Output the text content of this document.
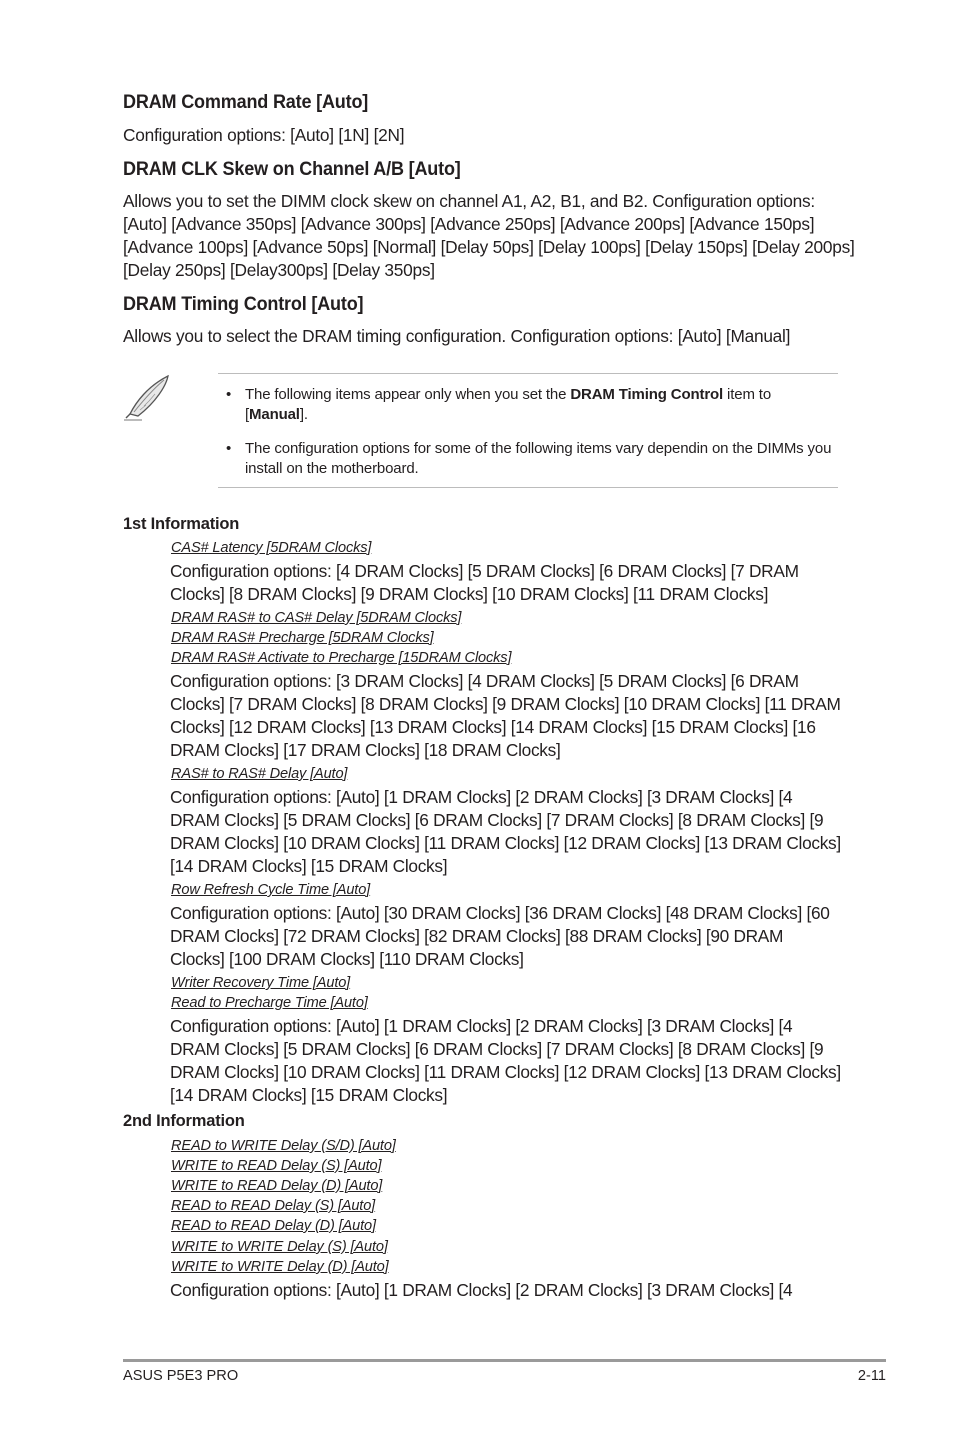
DRAM Command Rate [Auto]

Configuration options: [Auto] [1N] [2N]

DRAM CLK Skew on Channel A/B [Auto]

Allows you to set the DIMM clock skew on channel A1, A2, B1, and B2. Configuration options: [Auto] [Advance 350ps] [Advance 300ps] [Advance 250ps] [Advance 200ps] [Advance 150ps] [Advance 100ps] [Advance 50ps] [Normal] [Delay 50ps] [Delay 100ps] [Delay 150ps] [Delay 200ps] [Delay 250ps] [Delay300ps] [Delay 350ps]

DRAM Timing Control [Auto]

Allows you to select the DRAM timing configuration. Configuration options: [Auto] [Manual]

• The following items appear only when you set the DRAM Timing Control item to [Manual].
• The configuration options for some of the following items vary dependin on the DIMMs you install on the motherboard.
1st Information
CAS# Latency [5DRAM Clocks]

Configuration options: [4 DRAM Clocks] [5 DRAM Clocks] [6 DRAM Clocks] [7 DRAM Clocks] [8 DRAM Clocks] [9 DRAM Clocks] [10 DRAM Clocks] [11 DRAM Clocks]

DRAM RAS# to CAS# Delay [5DRAM Clocks]
DRAM RAS# Precharge [5DRAM Clocks]
DRAM RAS# Activate to Precharge [15DRAM Clocks]

Configuration options: [3 DRAM Clocks] [4 DRAM Clocks] [5 DRAM Clocks] [6 DRAM Clocks] [7 DRAM Clocks] [8 DRAM Clocks] [9 DRAM Clocks] [10 DRAM Clocks] [11 DRAM Clocks] [12 DRAM Clocks] [13 DRAM Clocks] [14 DRAM Clocks] [15 DRAM Clocks] [16 DRAM Clocks] [17 DRAM Clocks] [18 DRAM Clocks]

RAS# to RAS# Delay [Auto]

Configuration options: [Auto] [1 DRAM Clocks] [2 DRAM Clocks] [3 DRAM Clocks] [4 DRAM Clocks] [5 DRAM Clocks] [6 DRAM Clocks] [7 DRAM Clocks] [8 DRAM Clocks] [9 DRAM Clocks] [10 DRAM Clocks] [11 DRAM Clocks] [12 DRAM Clocks] [13 DRAM Clocks] [14 DRAM Clocks] [15 DRAM Clocks]

Row Refresh Cycle Time [Auto]

Configuration options: [Auto] [30 DRAM Clocks] [36 DRAM Clocks] [48 DRAM Clocks] [60 DRAM Clocks] [72 DRAM Clocks] [82 DRAM Clocks] [88 DRAM Clocks] [90 DRAM Clocks] [100 DRAM Clocks] [110 DRAM Clocks]

Writer Recovery Time [Auto]
Read to Precharge Time [Auto]

Configuration options: [Auto] [1 DRAM Clocks] [2 DRAM Clocks] [3 DRAM Clocks] [4 DRAM Clocks] [5 DRAM Clocks] [6 DRAM Clocks] [7 DRAM Clocks] [8 DRAM Clocks] [9 DRAM Clocks] [10 DRAM Clocks] [11 DRAM Clocks] [12 DRAM Clocks] [13 DRAM Clocks] [14 DRAM Clocks] [15 DRAM Clocks]

2nd Information
READ to WRITE Delay (S/D) [Auto]
WRITE to READ Delay (S) [Auto]
WRITE to READ Delay (D) [Auto]
READ to READ Delay (S) [Auto]
READ to READ Delay (D) [Auto]
WRITE to WRITE Delay (S) [Auto]
WRITE to WRITE Delay (D) [Auto]

Configuration options: [Auto] [1 DRAM Clocks] [2 DRAM Clocks] [3 DRAM Clocks] [4

ASUS P5E3 PRO	2-11
